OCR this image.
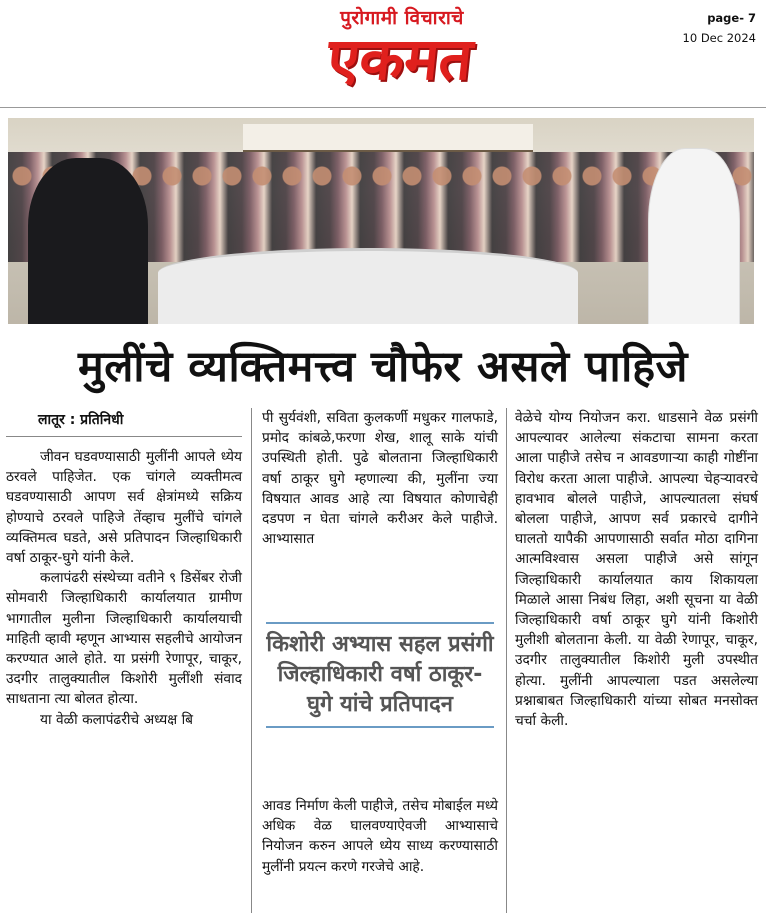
पुरोगामी विचाराचे
एकमत
page- 7
10 Dec 2024
मुलींचे व्यक्तिमत्त्व चौफेर असले पाहिजे
लातूर : प्रतिनिधी

जीवन घडवण्यासाठी मुलींनी आपले ध्येय ठरवले पाहिजेत. एक चांगले व्यक्तीमत्व घडवण्यासाठी आपण सर्व क्षेत्रांमध्ये सक्रिय होण्याचे ठरवले पाहिजे तेंव्हाच मुलींचे चांगले व्यक्तिमत्व घडते, असे प्रतिपादन जिल्हाधिकारी वर्षा ठाकूर-घुगे यांनी केले.

कलापंढरी संस्थेच्या वतीने ९ डिसेंबर रोजी सोमवारी जिल्हाधिकारी कार्यालयात ग्रामीण भागातील मुलीना जिल्हाधिकारी कार्यालयाची माहिती व्हावी म्हणून आभ्यास सहलीचे आयोजन करण्यात आले होते. या प्रसंगी रेणापूर, चाकूर, उदगीर तालुक्यातील किशोरी मुलींशी संवाद साधताना त्या बोलत होत्या.

या वेळी कलापंढरीचे अध्यक्ष बि

पी सुर्यवंशी, सविता कुलकर्णी मधुकर गालफाडे, प्रमोद कांबळे,फरणा शेख, शालू साके यांची उपस्थिती होती. पुढे बोलताना जिल्हाधिकारी वर्षा ठाकूर घुगे म्हणाल्या की, मुलींना ज्या विषयात आवड आहे त्या विषयात कोणाचेही दडपण न घेता चांगले करीअर केले पाहीजे. आभ्यासात

किशोरी अभ्यास सहल प्रसंगी जिल्हाधिकारी वर्षा ठाकूर-घुगे यांचे प्रतिपादन

आवड निर्माण केली पाहीजे, तसेच मोबाईल मध्ये अधिक वेळ घालवण्याऐवजी आभ्यासाचे नियोजन करुन आपले ध्येय साध्य करण्यासाठी मुलींनी प्रयत्न करणे गरजेचे आहे.

वेळेचे योग्य नियोजन करा. धाडसाने वेळ प्रसंगी आपल्यावर आलेल्या संकटाचा सामना करता आला पाहीजे तसेच न आवडणाऱ्या काही गोष्टींना विरोध करता आला पाहीजे. आपल्या चेहऱ्यावरचे हावभाव बोलले पाहीजे, आपल्यातला संघर्ष बोलला पाहीजे, आपण सर्व प्रकारचे दागीने घालतो यापैकी आपणासाठी सर्वात मोठा दागिना आत्मविश्वास असला पाहीजे असे सांगून जिल्हाधिकारी कार्यालयात काय शिकायला मिळाले आसा निबंध लिहा, अशी सूचना या वेळी जिल्हाधिकारी वर्षा ठाकूर घुगे यांनी किशोरी मुलीशी बोलताना केली. या वेळी रेणापूर, चाकूर, उदगीर तालुक्यातील किशोरी मुली उपस्थीत होत्या. मुलींनी आपल्याला पडत असलेल्या प्रश्नाबाबत जिल्हाधिकारी यांच्या सोबत मनसोक्त चर्चा केली.
